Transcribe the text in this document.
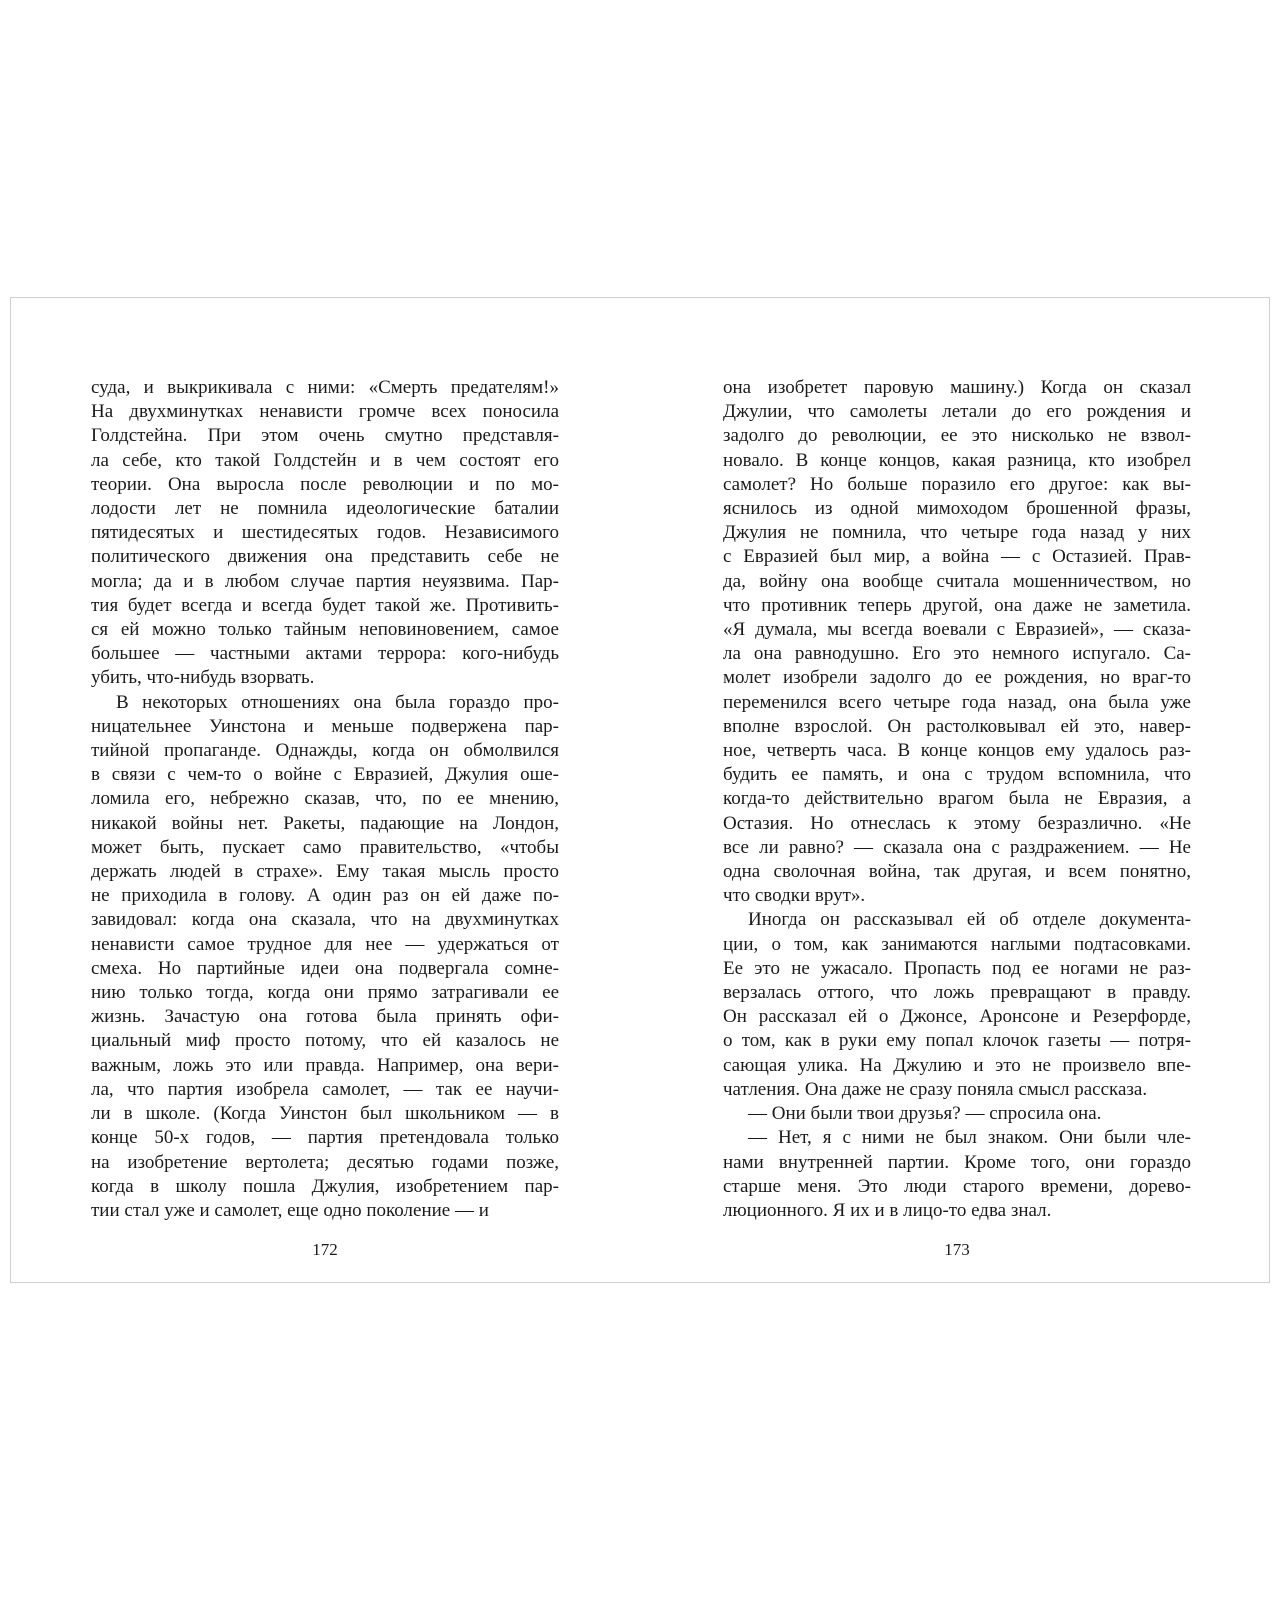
суда, и выкрикивала с ними: «Смерть предателям!»
На двухминутках ненависти громче всех поносила
Голдстейна. При этом очень смутно представля-
ла себе, кто такой Голдстейн и в чем состоят его
теории. Она выросла после революции и по мо-
лодости лет не помнила идеологические баталии
пятидесятых и шестидесятых годов. Независимого
политического движения она представить себе не
могла; да и в любом случае партия неуязвима. Пар-
тия будет всегда и всегда будет такой же. Противить-
ся ей можно только тайным неповиновением, самое
большее — частными актами террора: кого-нибудь
убить, что-нибудь взорвать.
В некоторых отношениях она была гораздо про-
ницательнее Уинстона и меньше подвержена пар-
тийной пропаганде. Однажды, когда он обмолвился
в связи с чем-то о войне с Евразией, Джулия оше-
ломила его, небрежно сказав, что, по ее мнению,
никакой войны нет. Ракеты, падающие на Лондон,
может быть, пускает само правительство, «чтобы
держать людей в страхе». Ему такая мысль просто
не приходила в голову. А один раз он ей даже по-
завидовал: когда она сказала, что на двухминутках
ненависти самое трудное для нее — удержаться от
смеха. Но партийные идеи она подвергала сомне-
нию только тогда, когда они прямо затрагивали ее
жизнь. Зачастую она готова была принять офи-
циальный миф просто потому, что ей казалось не
важным, ложь это или правда. Например, она вери-
ла, что партия изобрела самолет, — так ее научи-
ли в школе. (Когда Уинстон был школьником — в
конце 50-х годов, — партия претендовала только
на изобретение вертолета; десятью годами позже,
когда в школу пошла Джулия, изобретением пар-
тии стал уже и самолет, еще одно поколение — и
она изобретет паровую машину.) Когда он сказал
Джулии, что самолеты летали до его рождения и
задолго до революции, ее это нисколько не взвол-
новало. В конце концов, какая разница, кто изобрел
самолет? Но больше поразило его другое: как вы-
яснилось из одной мимоходом брошенной фразы,
Джулия не помнила, что четыре года назад у них
с Евразией был мир, а война — с Остазией. Прав-
да, войну она вообще считала мошенничеством, но
что противник теперь другой, она даже не заметила.
«Я думала, мы всегда воевали с Евразией», — сказа-
ла она равнодушно. Его это немного испугало. Са-
молет изобрели задолго до ее рождения, но враг-то
переменился всего четыре года назад, она была уже
вполне взрослой. Он растолковывал ей это, навер-
ное, четверть часа. В конце концов ему удалось раз-
будить ее память, и она с трудом вспомнила, что
когда-то действительно врагом была не Евразия, а
Остазия. Но отнеслась к этому безразлично. «Не
все ли равно? — сказала она с раздражением. — Не
одна сволочная война, так другая, и всем понятно,
что сводки врут».
Иногда он рассказывал ей об отделе документа-
ции, о том, как занимаются наглыми подтасовками.
Ее это не ужасало. Пропасть под ее ногами не раз-
верзалась оттого, что ложь превращают в правду.
Он рассказал ей о Джонсе, Аронсоне и Резерфорде,
о том, как в руки ему попал клочок газеты — потря-
сающая улика. На Джулию и это не произвело впе-
чатления. Она даже не сразу поняла смысл рассказа.
— Они были твои друзья? — спросила она.
— Нет, я с ними не был знаком. Они были чле-
нами внутренней партии. Кроме того, они гораздо
старше меня. Это люди старого времени, дорево-
люционного. Я их и в лицо-то едва знал.
172	173
